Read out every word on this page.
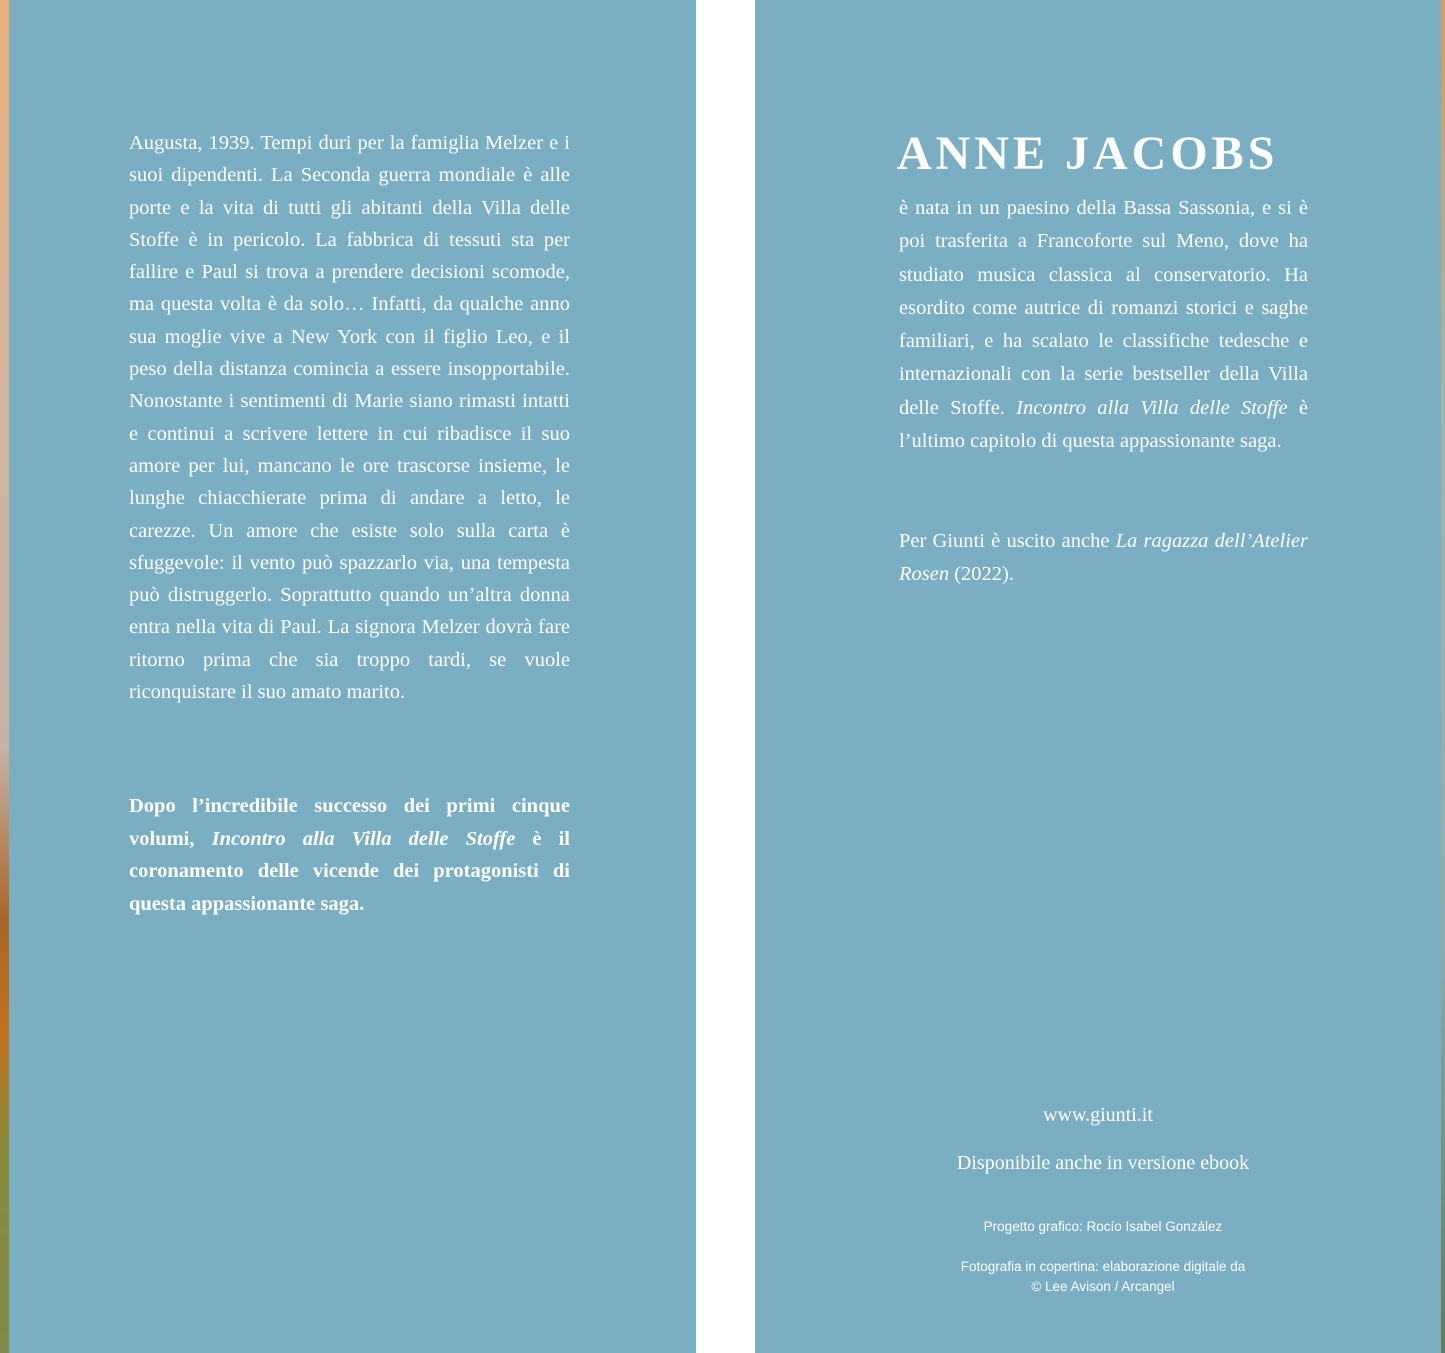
Augusta, 1939. Tempi duri per la famiglia Melzer e i suoi dipendenti. La Seconda guerra mondiale è alle porte e la vita di tutti gli abitanti della Villa delle Stoffe è in pericolo. La fabbrica di tessuti sta per fallire e Paul si trova a prendere decisioni scomode, ma questa volta è da solo… Infatti, da qualche anno sua moglie vive a New York con il figlio Leo, e il peso della distanza comincia a essere insopportabile. Nonostante i sentimenti di Marie siano rimasti intatti e continui a scrivere lettere in cui ribadisce il suo amore per lui, mancano le ore trascorse insieme, le lunghe chiacchierate prima di andare a letto, le carezze. Un amore che esiste solo sulla carta è sfuggevole: il vento può spazzarlo via, una tempesta può distruggerlo. Soprattutto quando un’altra donna entra nella vita di Paul. La signora Melzer dovrà fare ritorno prima che sia troppo tardi, se vuole riconquistare il suo amato marito.

Dopo l’incredibile successo dei primi cinque volumi, Incontro alla Villa delle Stoffe è il coronamento delle vicende dei protagonisti di questa appassionante saga.

ANNE JACOBS

è nata in un paesino della Bassa Sassonia, e si è poi trasferita a Francoforte sul Meno, dove ha studiato musica classica al conservatorio. Ha esordito come autrice di romanzi storici e saghe familiari, e ha scalato le classifiche tedesche e internazionali con la serie bestseller della Villa delle Stoffe. Incontro alla Villa delle Stoffe è l’ultimo capitolo di questa appassionante saga.

Per Giunti è uscito anche La ragazza dell’Atelier Rosen (2022).

www.giunti.it
Disponibile anche in versione ebook
Progetto grafico: Rocío Isabel González
Fotografia in copertina: elaborazione digitale da
© Lee Avison / Arcangel
